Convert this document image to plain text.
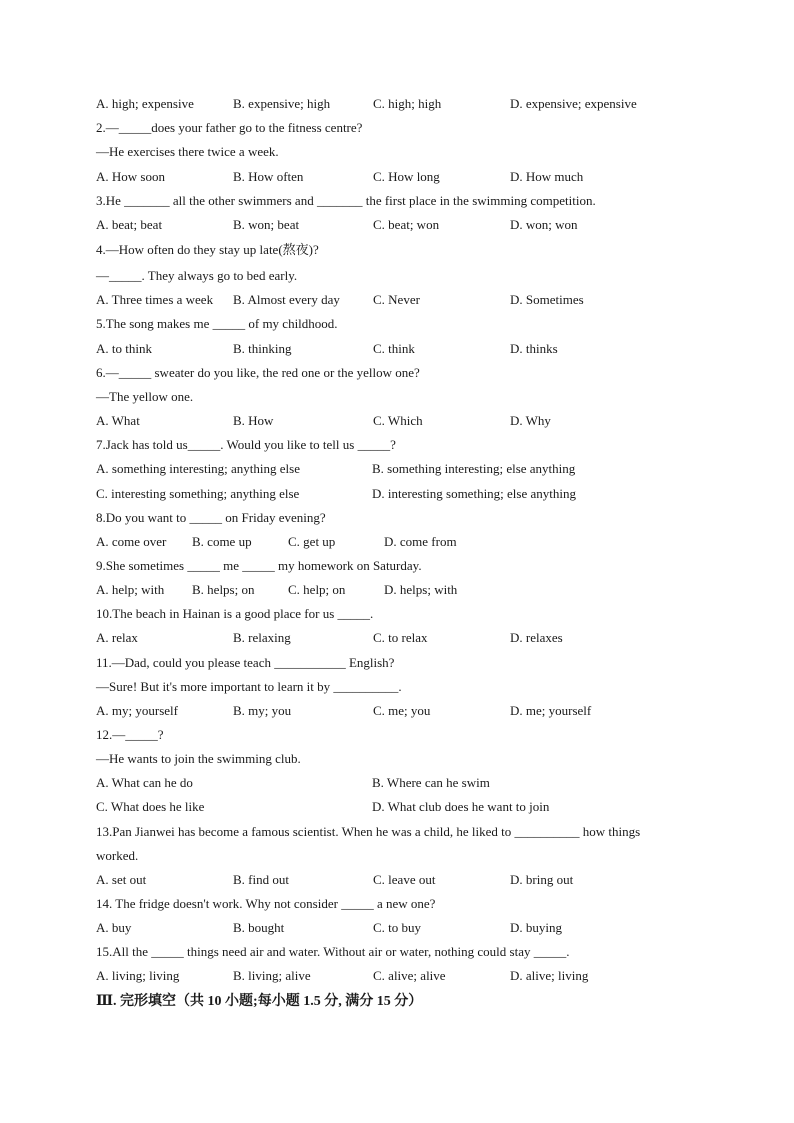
A. high; expensive	B. expensive; high	C. high; high	D. expensive; expensive
2.—_____does your father go to the fitness centre?
—He exercises there twice a week.
A. How soon	B. How often	C. How long	D. How much
3.He _______ all the other swimmers and _______ the first place in the swimming competition.
A. beat; beat	B. won; beat	C. beat; won	D. won; won
4.—How often do they stay up late(熬夜)?
—_____. They always go to bed early.
A. Three times a week B. Almost every day	C. Never	D. Sometimes
5.The song makes me _____ of my childhood.
A. to think	B. thinking	C. think	D. thinks
6.—_____ sweater do you like, the red one or the yellow one?
—The yellow one.
A. What	B. How	C. Which	D. Why
7.Jack has told us_____. Would you like to tell us _____?
A. something interesting; anything else	B. something interesting; else anything
C. interesting something; anything else	D. interesting something; else anything
8.Do you want to _____ on Friday evening?
A. come over B. come up	C. get up	D. come from
9.She sometimes _____ me _____ my homework on Saturday.
A. help; with B. helps; on	C. help; on	D. helps; with
10.The beach in Hainan is a good place for us _____.
A. relax	B. relaxing	C. to relax	D. relaxes
11.—Dad, could you please teach ___________ English?
—Sure! But it's more important to learn it by __________.
A. my; yourself	B. my; you	C. me; you	D. me; yourself
12.—_____?
—He wants to join the swimming club.
A. What can he do	B. Where can he swim
C. What does he like	D. What club does he want to join
13.Pan Jianwei has become a famous scientist. When he was a child, he liked to __________ how things
worked.
A. set out	B. find out	C. leave out	D. bring out
14. The fridge doesn't work. Why not consider _____ a new one?
A. buy	B. bought	C. to buy	D. buying
15.All the _____ things need air and water. Without air or water, nothing could stay _____.
A. living; living	B. living; alive	C. alive; alive	D. alive; living
Ⅲ. 完形填空（共 10 小题;每小题 1.5 分, 满分 15 分）
